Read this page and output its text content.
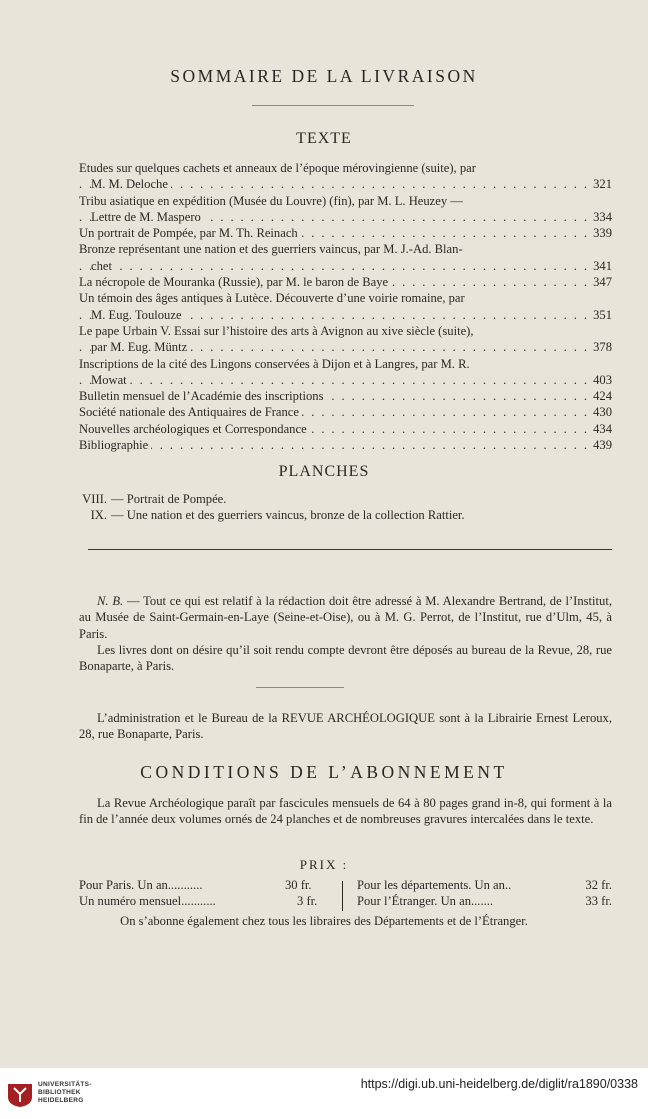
SOMMAIRE DE LA LIVRAISON
TEXTE
Etudes sur quelques cachets et anneaux de l’époque mérovingienne (suite), par
M. M. Deloche	321
. . .
Tribu asiatique en expédition (Musée du Louvre) (fin), par M. L. Heuzey —
Lettre de M. Maspero	334
. . .
Un portrait de Pompée, par M. Th. Reinach	339
. . .
Bronze représentant une nation et des guerriers vaincus, par M. J.-Ad. Blan-
chet	341
. . .
La nécropole de Mouranka (Russie), par M. le baron de Baye	347
. . .
Un témoin des âges antiques à Lutèce. Découverte d’une voirie romaine, par
M. Eug. Toulouze	351
. . .
Le pape Urbain V. Essai sur l’histoire des arts à Avignon au xive siècle (suite),
par M. Eug. Müntz	378
. . .
Inscriptions de la cité des Lingons conservées à Dijon et à Langres, par M. R.
Mowat	403
. . .
Bulletin mensuel de l’Académie des inscriptions	424
. . .
Société nationale des Antiquaires de France	430
. . .
Nouvelles archéologiques et Correspondance	434
. . .
Bibliographie	439
. . .
PLANCHES
VIII. — Portrait de Pompée.
IX. — Une nation et des guerriers vaincus, bronze de la collection Rattier.

N. B. — Tout ce qui est relatif à la rédaction doit être adressé à M. Alexandre Bertrand, de l’Institut, au Musée de Saint-Germain-en-Laye (Seine-et-Oise), ou à M. G. Perrot, de l’Institut, rue d’Ulm, 45, à Paris.

Les livres dont on désire qu’il soit rendu compte devront être déposés au bureau de la Revue, 28, rue Bonaparte, à Paris.

L’administration et le Bureau de la REVUE ARCHÉOLOGIQUE sont à la Librairie Ernest Leroux, 28, rue Bonaparte, Paris.

CONDITIONS DE L’ABONNEMENT

La Revue Archéologique paraît par fascicules mensuels de 64 à 80 pages grand in-8, qui forment à la fin de l’année deux volumes ornés de 24 planches et de nombreuses gravures intercalées dans le texte.

PRIX :
Pour Paris. Un an...........	30 fr.
Un numéro mensuel...........	3 fr.
Pour les départements. Un an..	32 fr.
Pour l’Étranger. Un an.......	33 fr.
On s’abonne également chez tous les libraires des Départements et de l’Étranger.
UNIVERSITÄTS-
BIBLIOTHEK
HEIDELBERG
https://digi.ub.uni-heidelberg.de/diglit/ra1890/0338
